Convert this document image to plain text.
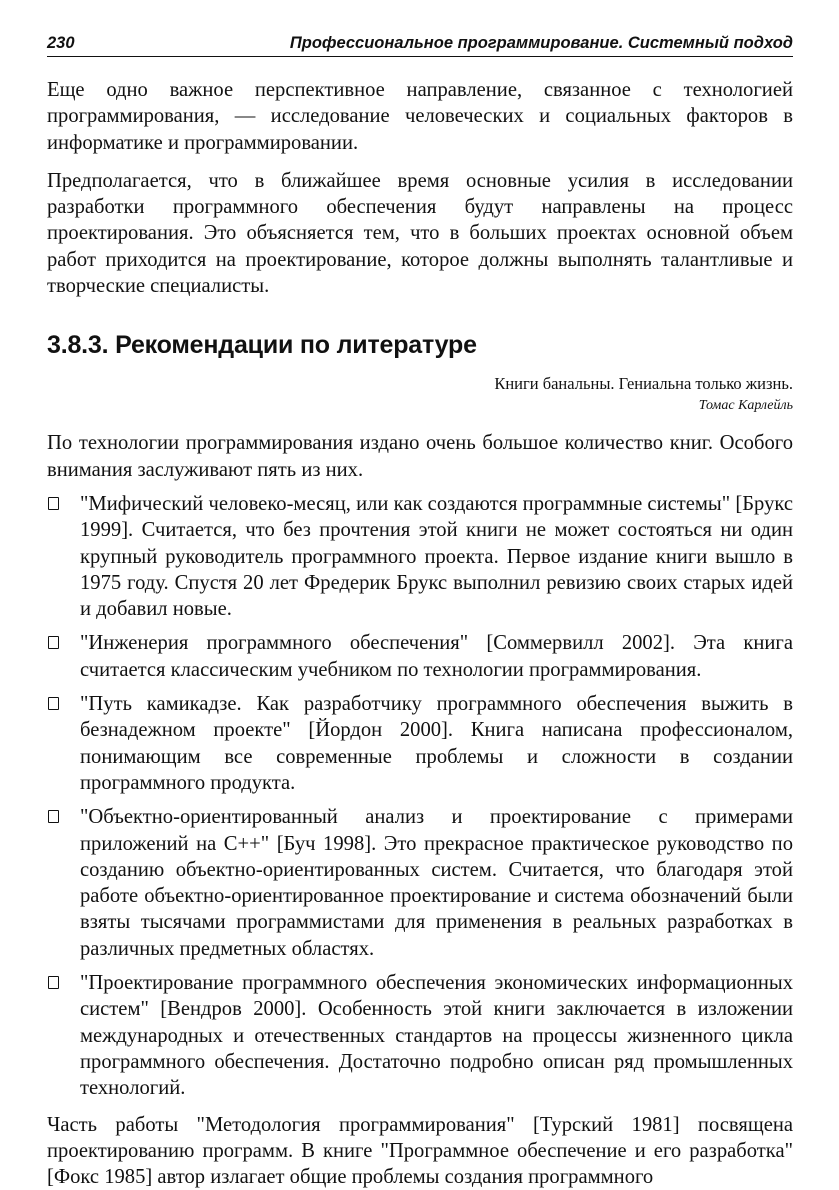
230	Профессиональное программирование. Системный подход

Еще одно важное перспективное направление, связанное с технологией программирования, — исследование человеческих и социальных факторов в информатике и программировании.

Предполагается, что в ближайшее время основные усилия в исследовании разработки программного обеспечения будут направлены на процесс проектирования. Это объясняется тем, что в больших проектах основной объем работ приходится на проектирование, которое должны выполнять талантливые и творческие специалисты.

3.8.3. Рекомендации по литературе
Книги банальны. Гениальна только жизнь.
Томас Карлейль

По технологии программирования издано очень большое количество книг. Особого внимания заслуживают пять из них.

"Мифический человеко-месяц, или как создаются программные системы" [Брукс 1999]. Считается, что без прочтения этой книги не может состояться ни один крупный руководитель программного проекта. Первое издание книги вышло в 1975 году. Спустя 20 лет Фредерик Брукс выполнил ревизию своих старых идей и добавил новые.
"Инженерия программного обеспечения" [Соммервилл 2002]. Эта книга считается классическим учебником по технологии программирования.
"Путь камикадзе. Как разработчику программного обеспечения выжить в безнадежном проекте" [Йордон 2000]. Книга написана профессионалом, понимающим все современные проблемы и сложности в создании программного продукта.
"Объектно-ориентированный анализ и проектирование с примерами приложений на C++" [Буч 1998]. Это прекрасное практическое руководство по созданию объектно-ориентированных систем. Считается, что благодаря этой работе объектно-ориентированное проектирование и система обозначений были взяты тысячами программистами для применения в реальных разработках в различных предметных областях.
"Проектирование программного обеспечения экономических информационных систем" [Вендров 2000]. Особенность этой книги заключается в изложении международных и отечественных стандартов на процессы жизненного цикла программного обеспечения. Достаточно подробно описан ряд промышленных технологий.

Часть работы "Методология программирования" [Турский 1981] посвящена проектированию программ. В книге "Программное обеспечение и его разработка" [Фокс 1985] автор излагает общие проблемы создания программного
